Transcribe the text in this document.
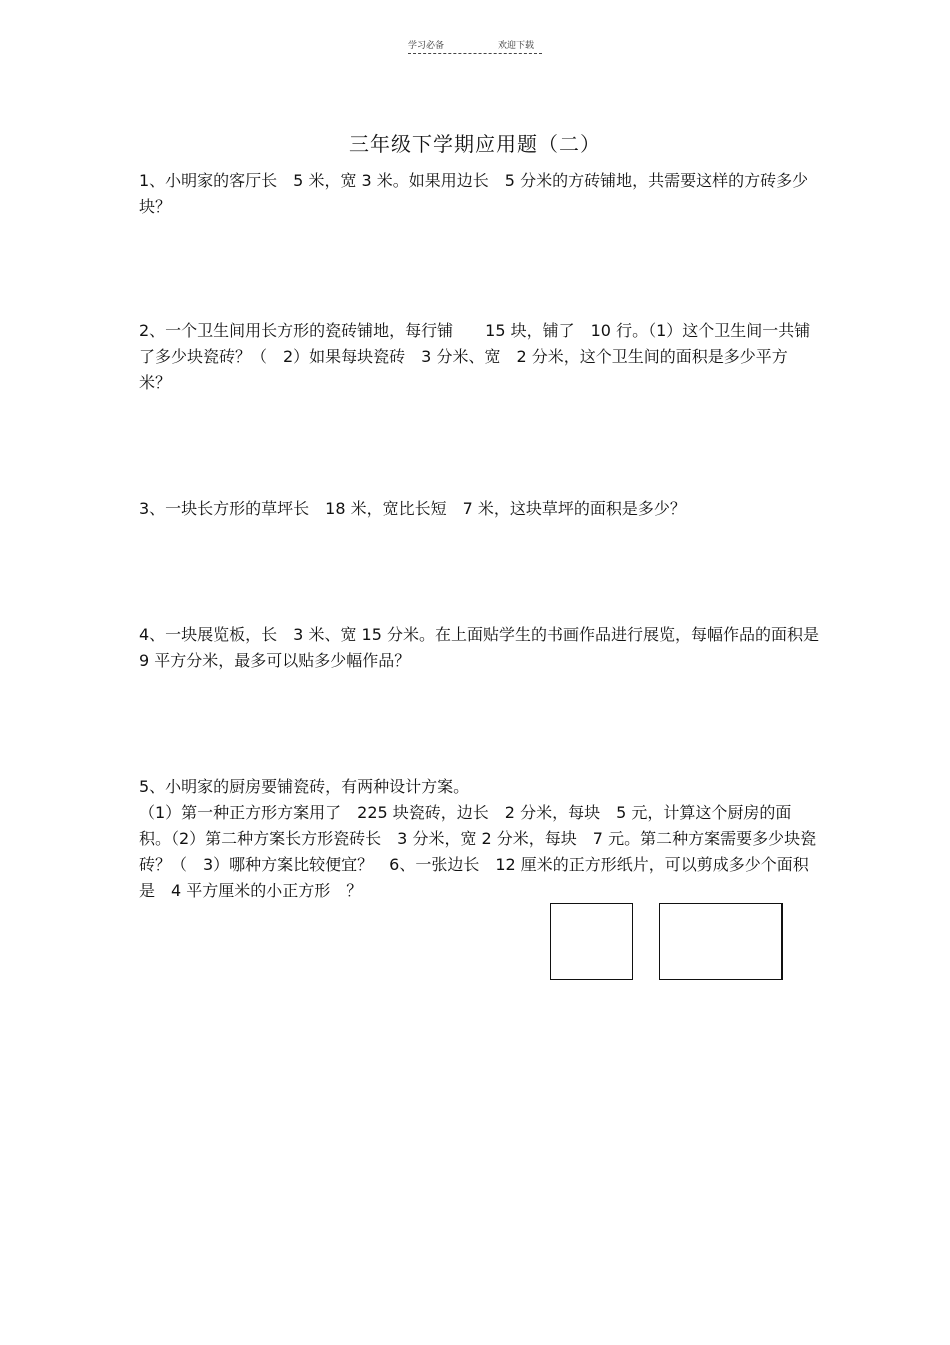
学习必备	欢迎下载
三年级下学期应用题（二）

1、小明家的客厅长　5 米，宽 3 米。如果用边长　5 分米的方砖铺地，共需要这样的方砖多少块？

2、一个卫生间用长方形的瓷砖铺地，每行铺　　15 块，铺了　10 行。（1）这个卫生间一共铺了多少块瓷砖？（　2）如果每块瓷砖　3 分米、宽　2 分米，这个卫生间的面积是多少平方米？

3、一块长方形的草坪长　18 米，宽比长短　7 米，这块草坪的面积是多少？

4、一块展览板，长　3 米、宽 15 分米。在上面贴学生的书画作品进行展览，每幅作品的面积是　9 平方分米，最多可以贴多少幅作品？

5、小明家的厨房要铺瓷砖，有两种设计方案。
（1）第一种正方形方案用了　225 块瓷砖，边长　2 分米，每块　5 元，计算这个厨房的面积。（2）第二种方案长方形瓷砖长　3 分米，宽 2 分米，每块　7 元。第二种方案需要多少块瓷砖？（　3）哪种方案比较便宜？　6、一张边长　12 厘米的正方形纸片，可以剪成多少个面积是　4 平方厘米的小正方形　？
